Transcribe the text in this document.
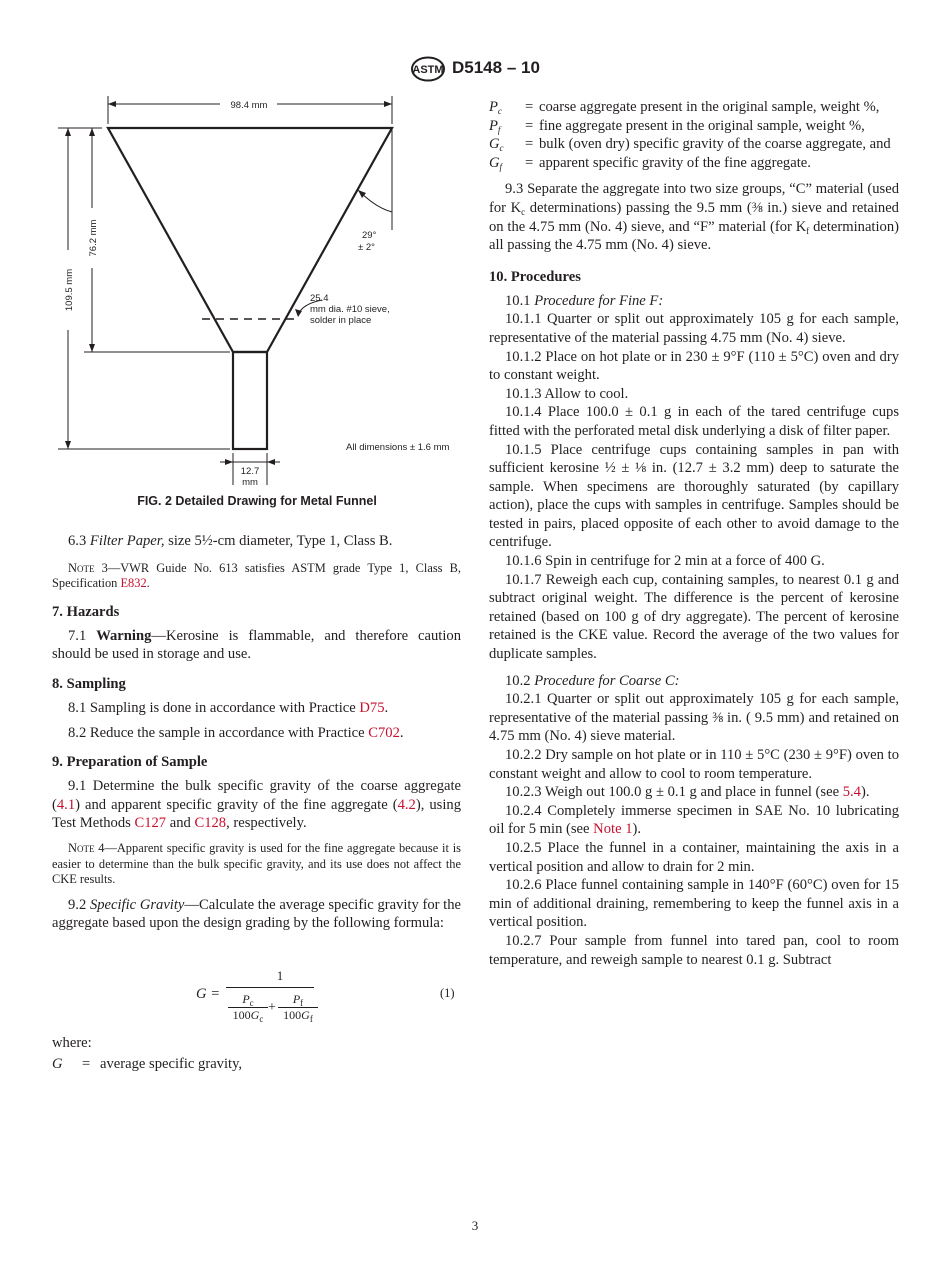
ASTM D5148 – 10
98.4 mm
109.5 mm
76.2 mm	29°
± 2°
25.4
mm dia. #10 sieve,
solder in place
All dimensions ± 1.6 mm
12.7
mm
FIG. 2 Detailed Drawing for Metal Funnel

6.3 Filter Paper, size 5½-cm diameter, Type 1, Class B.

Note 3—VWR Guide No. 613 satisfies ASTM grade Type 1, Class B, Specification E832.

7. Hazards

7.1 Warning—Kerosine is flammable, and therefore caution should be used in storage and use.

8. Sampling

8.1 Sampling is done in accordance with Practice D75.

8.2 Reduce the sample in accordance with Practice C702.

9. Preparation of Sample

9.1 Determine the bulk specific gravity of the coarse aggregate (4.1) and apparent specific gravity of the fine aggregate (4.2), using Test Methods C127 and C128, respectively.

Note 4—Apparent specific gravity is used for the fine aggregate because it is easier to determine than the bulk specific gravity, and its use does not affect the CKE results.

9.2 Specific Gravity—Calculate the average specific gravity for the aggregate based upon the design grading by the following formula:

G =
1
$P_c$
$100G_c$
+
$P_f$
$100G_f$
(1)

where:

G = average specific gravity,
$P_c$ = coarse aggregate present in the original sample, weight %,
$P_f$ = fine aggregate present in the original sample, weight %,
$G_c$ = bulk (oven dry) specific gravity of the coarse aggregate, and
$G_f$ = apparent specific gravity of the fine aggregate.

9.3 Separate the aggregate into two size groups, “C” material (used for $K_c$ determinations) passing the 9.5 mm (⅜ in.) sieve and retained on the 4.75 mm (No. 4) sieve, and “F” material (for $K_f$ determination) all passing the 4.75 mm (No. 4) sieve.

10. Procedures

10.1 Procedure for Fine F:

10.1.1 Quarter or split out approximately 105 g for each sample, representative of the material passing 4.75 mm (No. 4) sieve.

10.1.2 Place on hot plate or in 230 ± 9°F (110 ± 5°C) oven and dry to constant weight.

10.1.3 Allow to cool.

10.1.4 Place 100.0 ± 0.1 g in each of the tared centrifuge cups fitted with the perforated metal disk underlying a disk of filter paper.

10.1.5 Place centrifuge cups containing samples in pan with sufficient kerosine ½ ± ⅛ in. (12.7 ± 3.2 mm) deep to saturate the sample. When specimens are thoroughly saturated (by capillary action), place the cups with samples in centrifuge. Samples should be tested in pairs, placed opposite of each other to avoid damage to the centrifuge.

10.1.6 Spin in centrifuge for 2 min at a force of 400 G.

10.1.7 Reweigh each cup, containing samples, to nearest 0.1 g and subtract original weight. The difference is the percent of kerosine retained (based on 100 g of dry aggregate). The percent of kerosine retained is the CKE value. Record the average of the two values for duplicate samples.

10.2 Procedure for Coarse C:

10.2.1 Quarter or split out approximately 105 g for each sample, representative of the material passing ⅜ in. ( 9.5 mm) and retained on 4.75 mm (No. 4) sieve material.

10.2.2 Dry sample on hot plate or in 110 ± 5°C (230 ± 9°F) oven to constant weight and allow to cool to room temperature.

10.2.3 Weigh out 100.0 g ± 0.1 g and place in funnel (see 5.4).

10.2.4 Completely immerse specimen in SAE No. 10 lubricating oil for 5 min (see Note 1).

10.2.5 Place the funnel in a container, maintaining the axis in a vertical position and allow to drain for 2 min.

10.2.6 Place funnel containing sample in 140°F (60°C) oven for 15 min of additional draining, remembering to keep the funnel axis in a vertical position.

10.2.7 Pour sample from funnel into tared pan, cool to room temperature, and reweigh sample to nearest 0.1 g. Subtract

3
